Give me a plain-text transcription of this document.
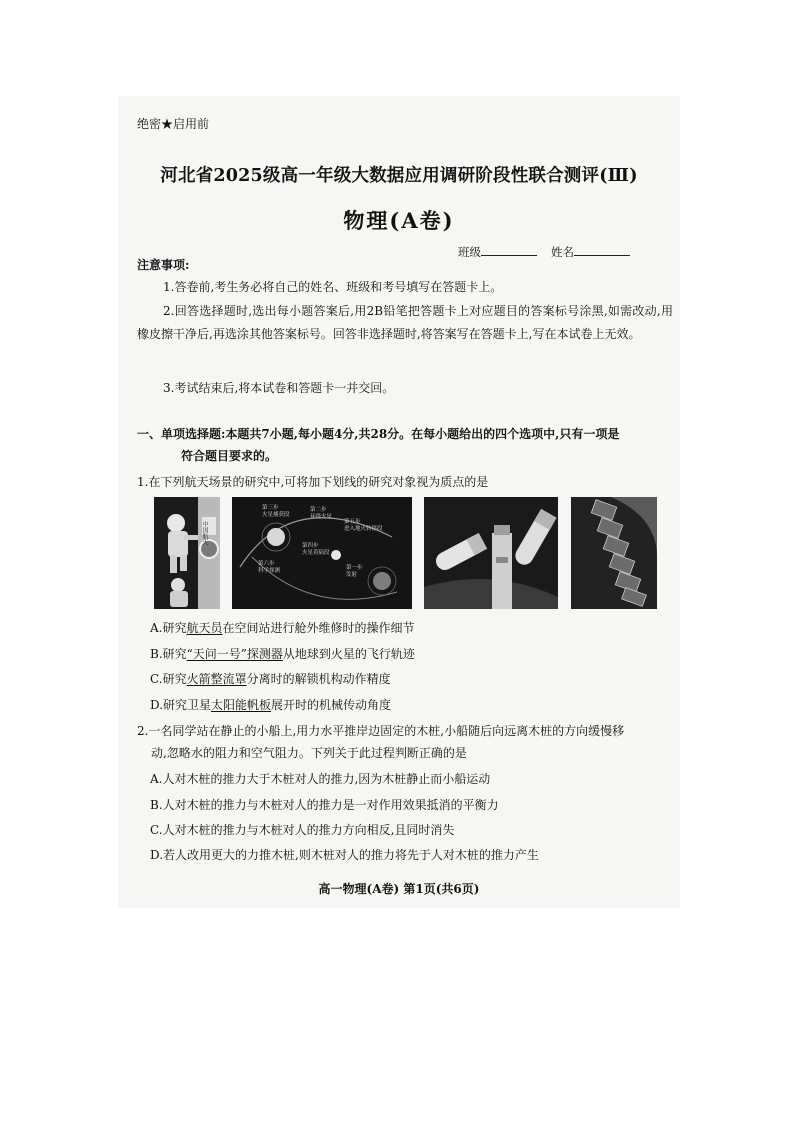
绝密★启用前
河北省2025级高一年级大数据应用调研阶段性联合测评(Ⅲ)
物理(A卷)
班级	姓名
注意事项:
1.答卷前,考生务必将自己的姓名、班级和考号填写在答题卡上。
2.回答选择题时,选出每小题答案后,用2B铅笔把答题卡上对应题目的答案标号涂黑,如需改动,用橡皮擦干净后,再选涂其他答案标号。回答非选择题时,将答案写在答题卡上,写在本试卷上无效。
3.考试结束后,将本试卷和答题卡一并交回。
一、单项选择题:本题共7小题,每小题4分,共28分。在每小题给出的四个选项中,只有一项是
符合题目要求的。
1.在下列航天场景的研究中,可将加下划线的研究对象视为质点的是
中国航天
第三步
火星捕获段
第二步
环绕火星
第五步
进入地火转移段
第四步
火星着陆段
第六步
科学探测	第一步
发射
A.研究航天员在空间站进行舱外维修时的操作细节
B.研究“天问一号”探测器从地球到火星的飞行轨迹
C.研究火箭整流罩分离时的解锁机构动作精度
D.研究卫星太阳能帆板展开时的机械传动角度
2.一名同学站在静止的小船上,用力水平推岸边固定的木桩,小船随后向远离木桩的方向缓慢移
动,忽略水的阻力和空气阻力。下列关于此过程判断正确的是
A.人对木桩的推力大于木桩对人的推力,因为木桩静止而小船运动
B.人对木桩的推力与木桩对人的推力是一对作用效果抵消的平衡力
C.人对木桩的推力与木桩对人的推力方向相反,且同时消失
D.若人改用更大的力推木桩,则木桩对人的推力将先于人对木桩的推力产生
高一物理(A卷) 第1页(共6页)
